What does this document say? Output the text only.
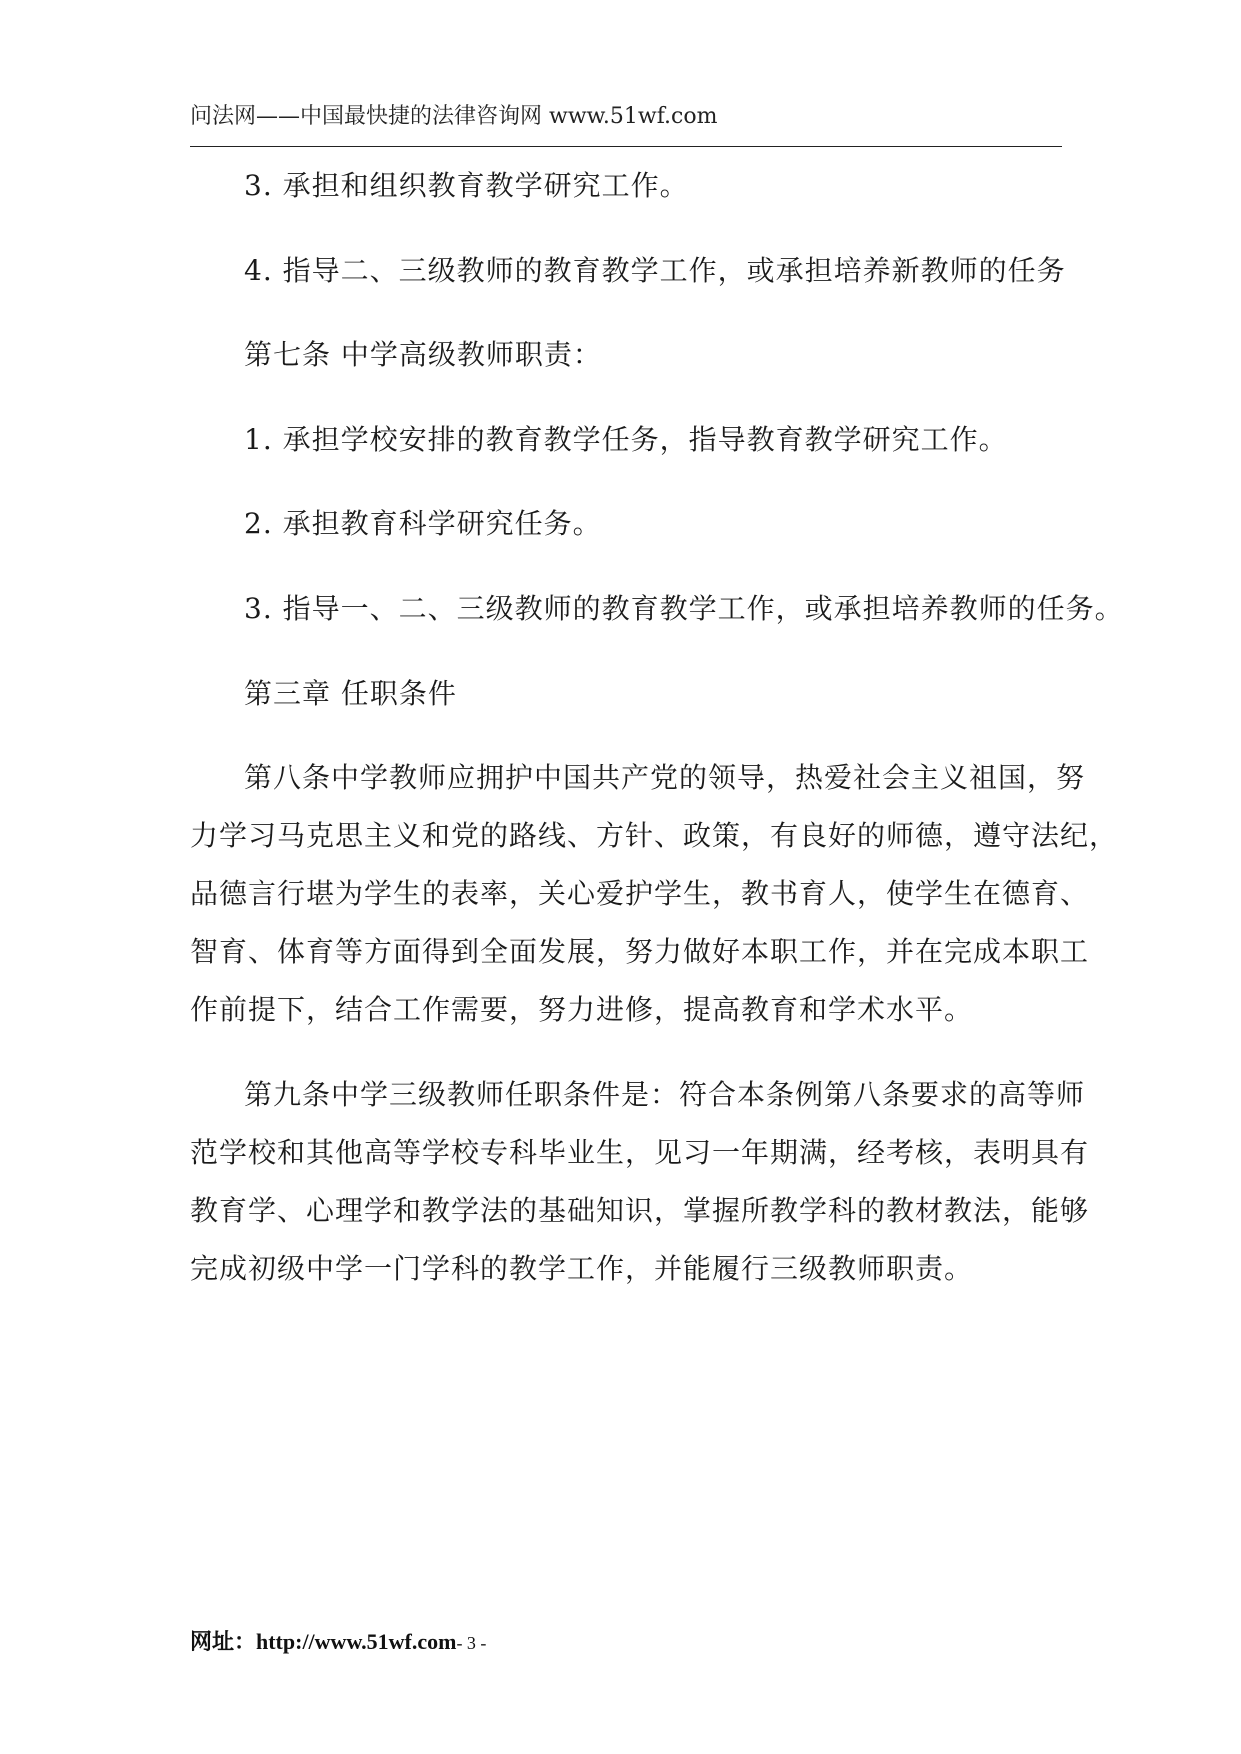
问法网——中国最快捷的法律咨询网 www.51wf.com
3. 承担和组织教育教学研究工作。
4. 指导二、三级教师的教育教学工作，或承担培养新教师的任务
第七条 中学高级教师职责：
1. 承担学校安排的教育教学任务，指导教育教学研究工作。
2. 承担教育科学研究任务。
3. 指导一、二、三级教师的教育教学工作，或承担培养教师的任务。
第三章 任职条件
第八条中学教师应拥护中国共产党的领导，热爱社会主义祖国，努
力学习马克思主义和党的路线、方针、政策，有良好的师德，遵守法纪，
品德言行堪为学生的表率，关心爱护学生，教书育人，使学生在德育、
智育、体育等方面得到全面发展，努力做好本职工作，并在完成本职工
作前提下，结合工作需要，努力进修，提高教育和学术水平。
第九条中学三级教师任职条件是：符合本条例第八条要求的高等师
范学校和其他高等学校专科毕业生，见习一年期满，经考核，表明具有
教育学、心理学和教学法的基础知识，掌握所教学科的教材教法，能够
完成初级中学一门学科的教学工作，并能履行三级教师职责。
网址：http://www.51wf.com- 3 -
